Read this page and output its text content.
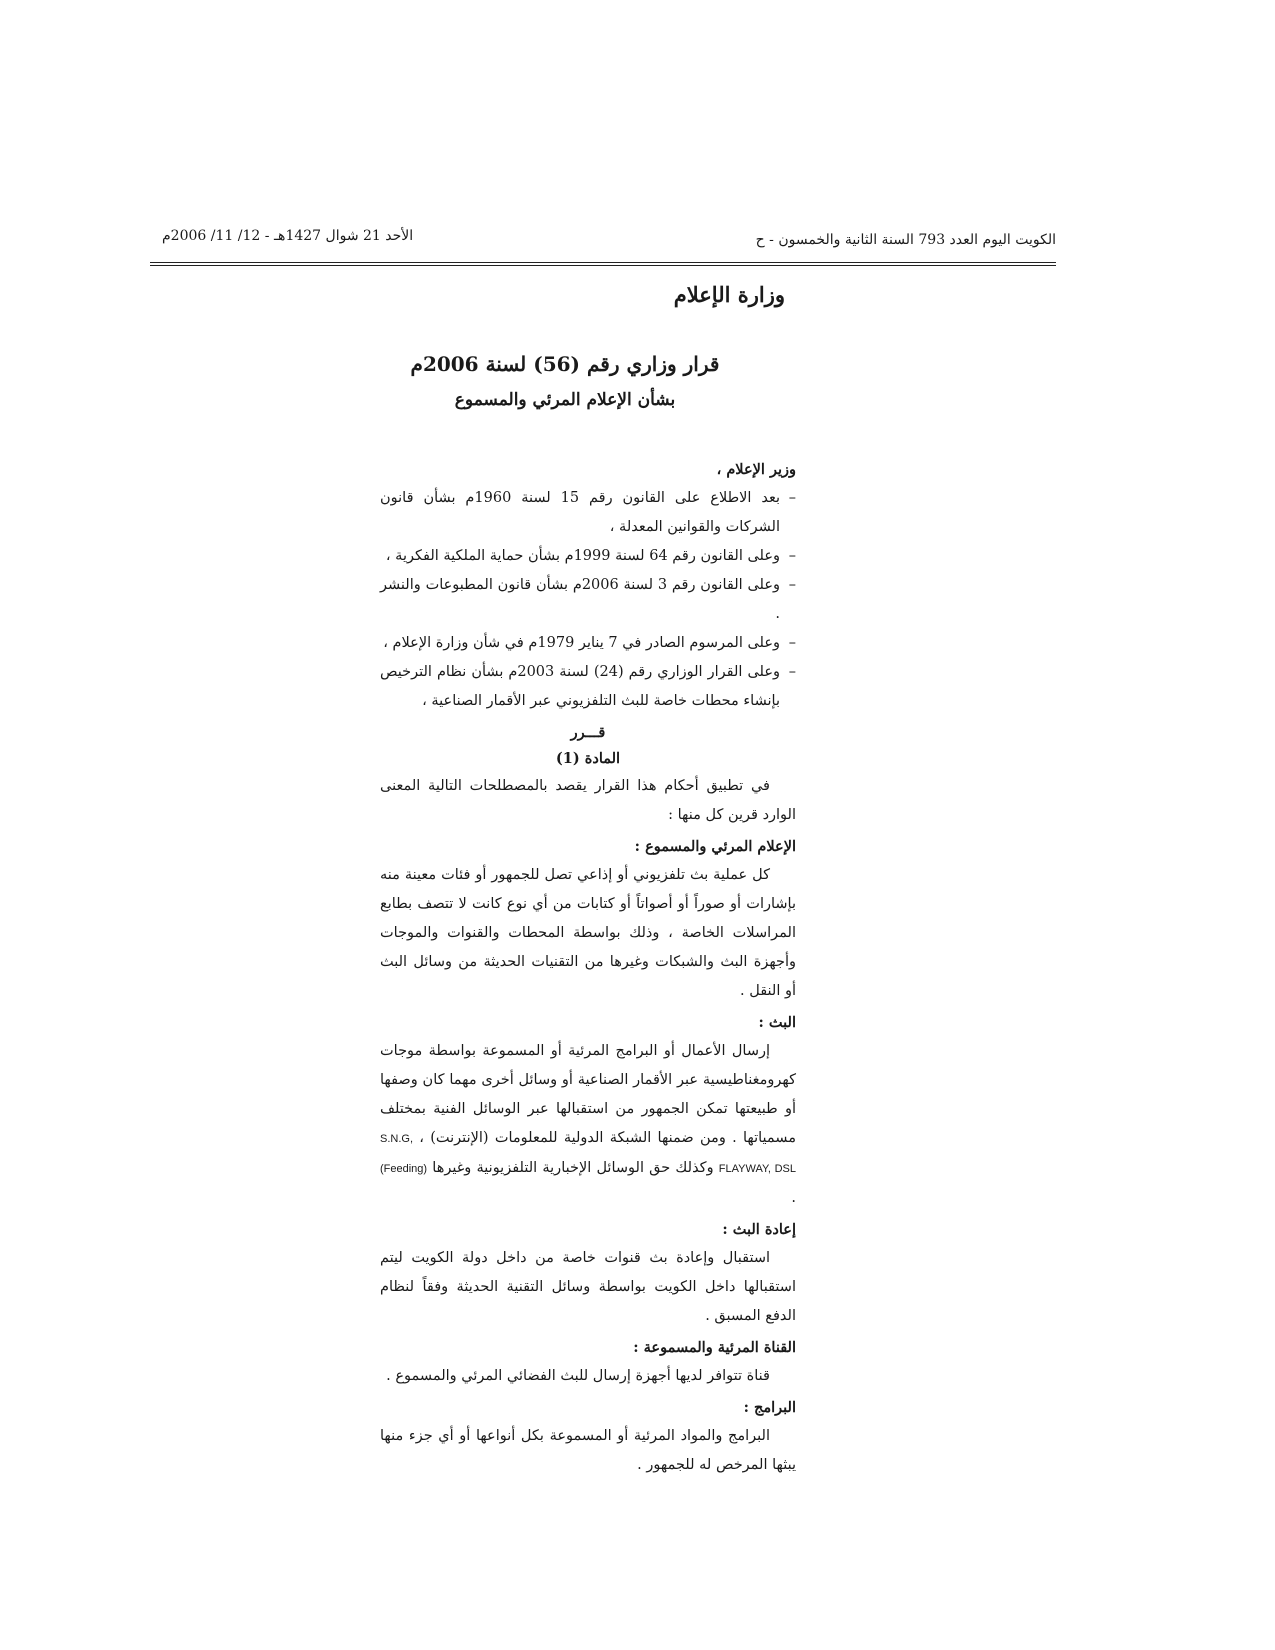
الكويت اليوم العدد 793 السنة الثانية والخمسون - ح
الأحد 21 شوال 1427هـ - 12/ 11/ 2006م
وزارة الإعلام
قرار وزاري رقم (56) لسنة 2006م
بشأن الإعلام المرئي والمسموع
وزير الإعلام ،
–
بعد الاطلاع على القانون رقم 15 لسنة 1960م بشأن قانون الشركات والقوانين المعدلة ،
–
وعلى القانون رقم 64 لسنة 1999م بشأن حماية الملكية الفكرية ،
–
وعلى القانون رقم 3 لسنة 2006م بشأن قانون المطبوعات والنشر .
–
وعلى المرسوم الصادر في 7 يناير 1979م في شأن وزارة الإعلام ،
–
وعلى القرار الوزاري رقم (24) لسنة 2003م بشأن نظام الترخيص بإنشاء محطات خاصة للبث التلفزيوني عبر الأقمار الصناعية ،
قـــرر
المادة (1)
في تطبيق أحكام هذا القرار يقصد بالمصطلحات التالية المعنى الوارد قرين كل منها :
الإعلام المرئي والمسموع :
كل عملية بث تلفزيوني أو إذاعي تصل للجمهور أو فئات معينة منه بإشارات أو صوراً أو أصواتاً أو كتابات من أي نوع كانت لا تتصف بطابع المراسلات الخاصة ، وذلك بواسطة المحطات والقنوات والموجات وأجهزة البث والشبكات وغيرها من التقنيات الحديثة من وسائل البث أو النقل .
البث :
إرسال الأعمال أو البرامج المرئية أو المسموعة بواسطة موجات كهرومغناطيسية عبر الأقمار الصناعية أو وسائل أخرى مهما كان وصفها أو طبيعتها تمكن الجمهور من استقبالها عبر الوسائل الفنية بمختلف مسمياتها . ومن ضمنها الشبكة الدولية للمعلومات (الإنترنت) ، S.N.G, FLAYWAY, DSL وكذلك حق الوسائل الإخبارية التلفزيونية وغيرها (Feeding) .
إعادة البث :
استقبال وإعادة بث قنوات خاصة من داخل دولة الكويت ليتم استقبالها داخل الكويت بواسطة وسائل التقنية الحديثة وفقاً لنظام الدفع المسبق .
القناة المرئية والمسموعة :
قناة تتوافر لديها أجهزة إرسال للبث الفضائي المرئي والمسموع .
البرامج :
البرامج والمواد المرئية أو المسموعة بكل أنواعها أو أي جزء منها يبثها المرخص له للجمهور .
